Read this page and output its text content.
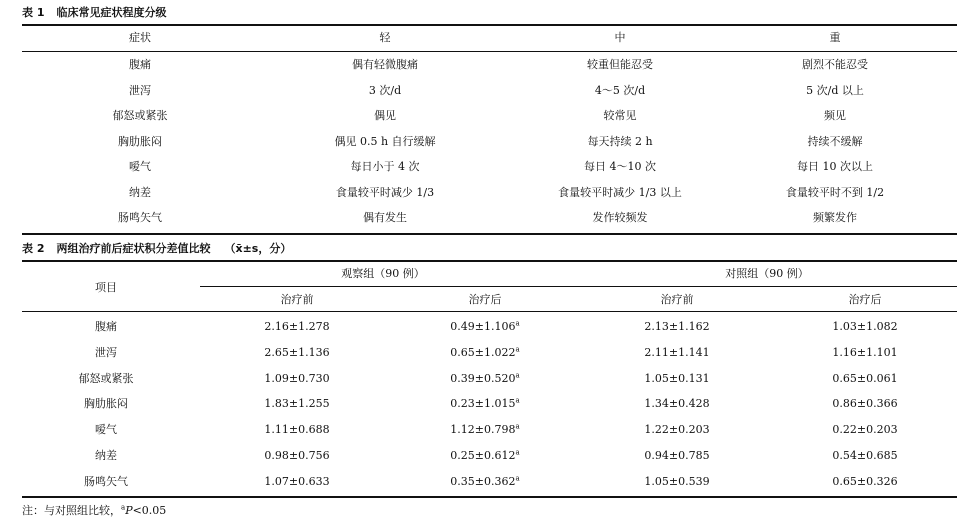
表 1 临床常见症状程度分级
症状	轻	中	重
腹痛	偶有轻微腹痛	较重但能忍受	剧烈不能忍受
泄泻	3 次/d	4～5 次/d	5 次/d 以上
郁怒或紧张	偶见	较常见	频见
胸肋胀闷	偶见 0.5 h 自行缓解	每天持续 2 h	持续不缓解
嗳气	每日小于 4 次	每日 4～10 次	每日 10 次以上
纳差	食量较平时减少 1/3	食量较平时减少 1/3 以上	食量较平时不到 1/2
肠鸣矢气	偶有发生	发作较频发	频繁发作
表 2 两组治疗前后症状积分差值比较 （x̄±s，分）
项目
观察组（90 例）	对照组（90 例）
治疗前	治疗后	治疗前	治疗后
腹痛	2.16±1.278	0.49±1.106$^a$	2.13±1.162	1.03±1.082
泄泻	2.65±1.136	0.65±1.022$^a$	2.11±1.141	1.16±1.101
郁怒或紧张	1.09±0.730	0.39±0.520$^a$	1.05±0.131	0.65±0.061
胸肋胀闷	1.83±1.255	0.23±1.015$^a$	1.34±0.428	0.86±0.366
嗳气	1.11±0.688	1.12±0.798$^a$	1.22±0.203	0.22±0.203
纳差	0.98±0.756	0.25±0.612$^a$	0.94±0.785	0.54±0.685
肠鸣矢气	1.07±0.633	0.35±0.362$^a$	1.05±0.539	0.65±0.326
注：与对照组比较，$^a$P<0.05
